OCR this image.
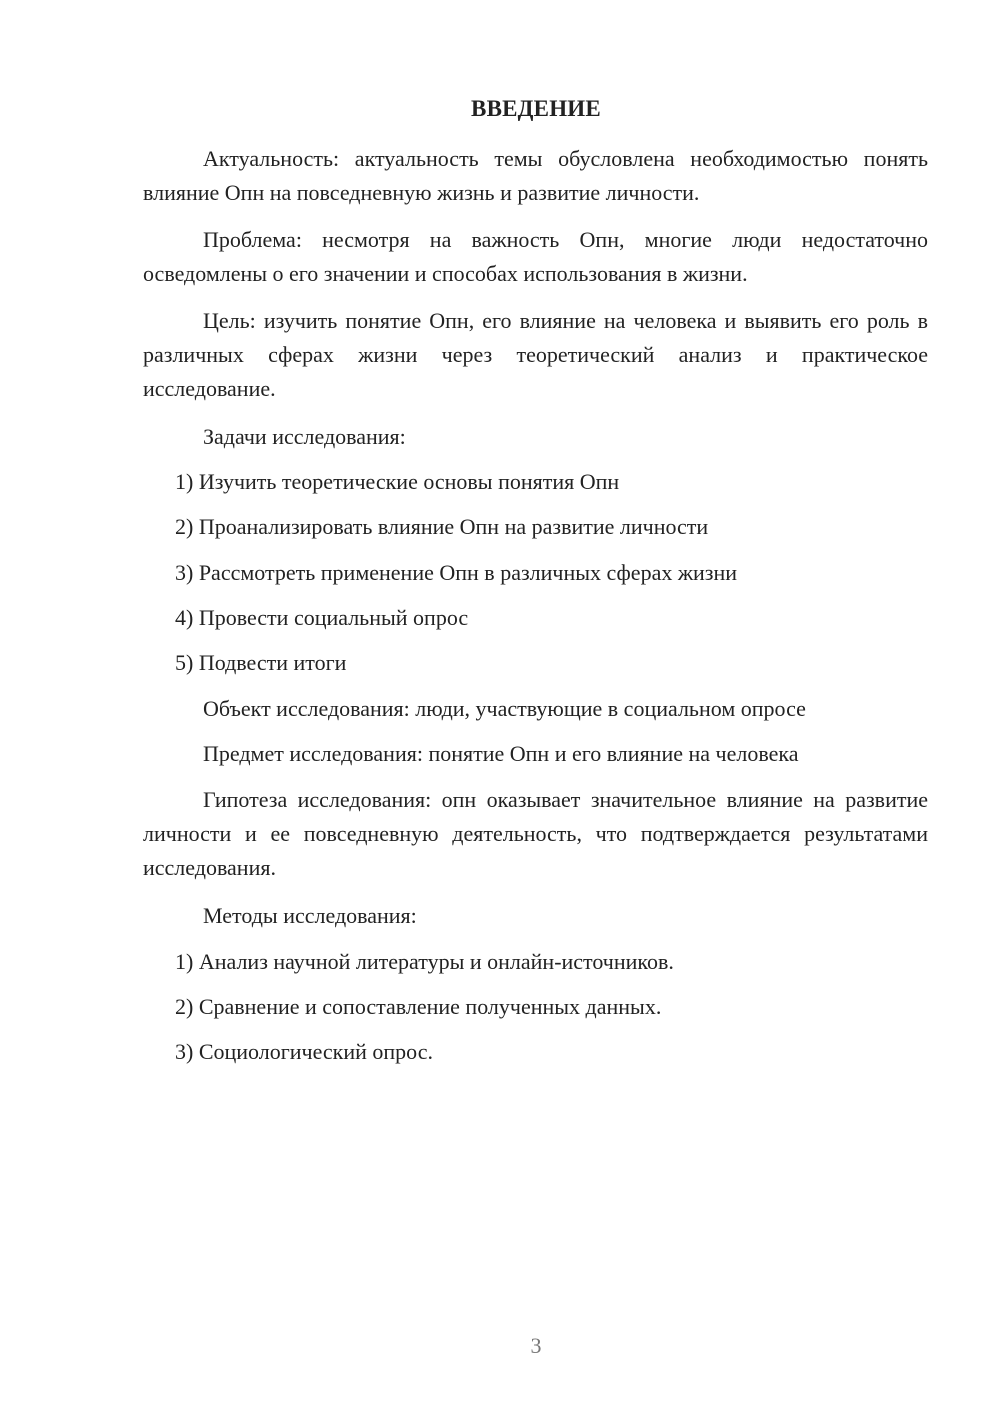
ВВЕДЕНИЕ
Актуальность: актуальность темы обусловлена необходимостью понять влияние Опн на повседневную жизнь и развитие личности.
Проблема: несмотря на важность Опн, многие люди недостаточно осведомлены о его значении и способах использования в жизни.
Цель: изучить понятие Опн, его влияние на человека и выявить его роль в различных сферах жизни через теоретический анализ и практическое исследование.
Задачи исследования:
1) Изучить теоретические основы понятия Опн
2) Проанализировать влияние Опн на развитие личности
3) Рассмотреть применение Опн в различных сферах жизни
4) Провести социальный опрос
5) Подвести итоги
Объект исследования: люди, участвующие в социальном опросе
Предмет исследования: понятие Опн и его влияние на человека
Гипотеза исследования: опн оказывает значительное влияние на развитие личности и ее повседневную деятельность, что подтверждается результатами исследования.
Методы исследования:
1) Анализ научной литературы и онлайн-источников.
2) Сравнение и сопоставление полученных данных.
3) Социологический опрос.
3
